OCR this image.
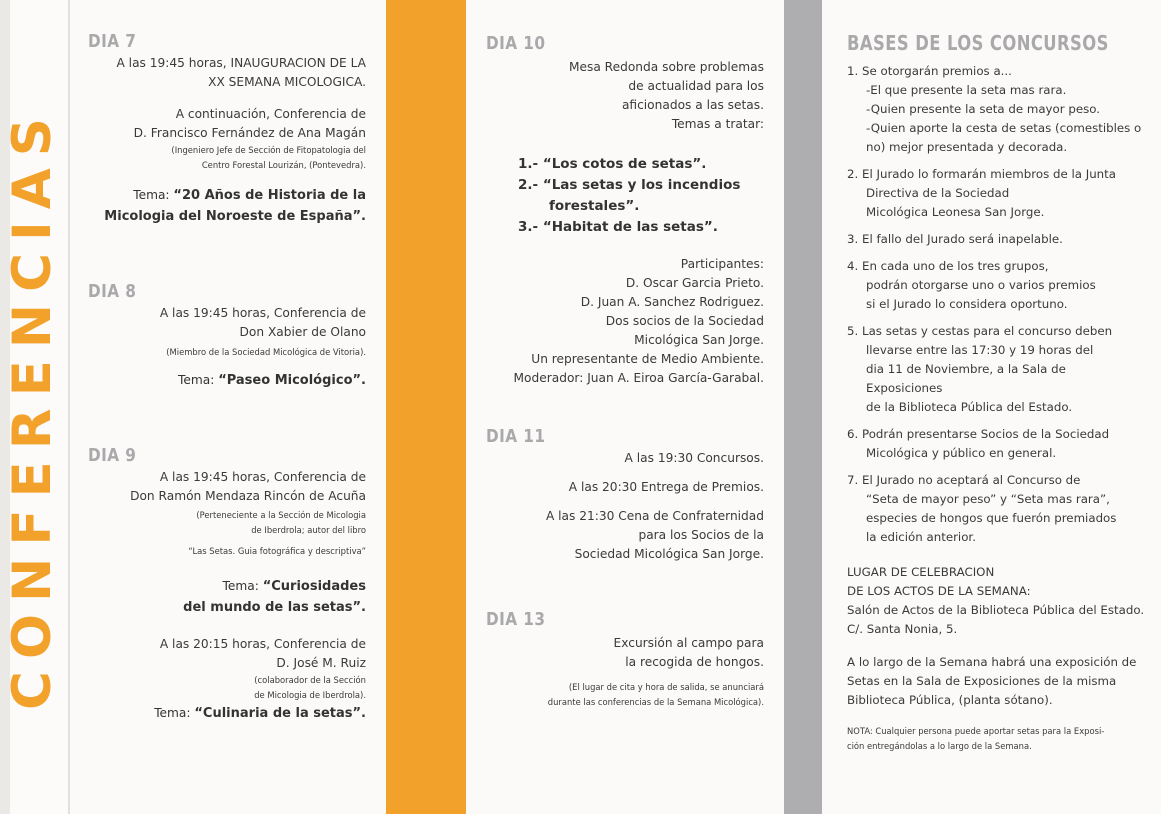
CONFERENCIAS
DIA 7
A las 19:45 horas, INAUGURACION DE LA
XX SEMANA MICOLOGICA.
A continuación, Conferencia de
D. Francisco Fernández de Ana Magán
(Ingeniero Jefe de Sección de Fitopatologia del
Centro Forestal Lourizán, (Pontevedra).
Tema: “20 Años de Historia de la
Micologia del Noroeste de España”.
DIA 8
A las 19:45 horas, Conferencia de
Don Xabier de Olano
(Miembro de la Sociedad Micológica de Vitoria).
Tema: “Paseo Micológico”.
DIA 9
A las 19:45 horas, Conferencia de
Don Ramón Mendaza Rincón de Acuña
(Perteneciente a la Sección de Micologia
de Iberdrola; autor del libro
“Las Setas. Guia fotográfica y descriptiva”
Tema: “Curiosidades
del mundo de las setas”.
A las 20:15 horas, Conferencia de
D. José M. Ruiz
(colaborador de la Sección
de Micologia de Iberdrola).
Tema: “Culinaria de la setas”.
DIA 10
Mesa Redonda sobre problemas
de actualidad para los
aficionados a las setas.
Temas a tratar:
1.- “Los cotos de setas”.
2.- “Las setas y los incendios
forestales”.
3.- “Habitat de las setas”.
Participantes:
D. Oscar Garcia Prieto.
D. Juan A. Sanchez Rodriguez.
Dos socios de la Sociedad
Micológica San Jorge.
Un representante de Medio Ambiente.
Moderador: Juan A. Eiroa García-Garabal.
DIA 11
A las 19:30 Concursos.
A las 20:30 Entrega de Premios.
A las 21:30 Cena de Confraternidad
para los Socios de la
Sociedad Micológica San Jorge.
DIA 13
Excursión al campo para
la recogida de hongos.
(El lugar de cita y hora de salida, se anunciará
durante las conferencias de la Semana Micológica).
BASES DE LOS CONCURSOS
1. Se otorgarán premios a...
-El que presente la seta mas rara.
-Quien presente la seta de mayor peso.
-Quien aporte la cesta de setas (comestibles o
no) mejor presentada y decorada.
2. El Jurado lo formarán miembros de la Junta
Directiva de la Sociedad
Micológica Leonesa San Jorge.
3. El fallo del Jurado será inapelable.
4. En cada uno de los tres grupos,
podrán otorgarse uno o varios premios
si el Jurado lo considera oportuno.
5. Las setas y cestas para el concurso deben
llevarse entre las 17:30 y 19 horas del
dia 11 de Noviembre, a la Sala de Exposiciones
de la Biblioteca Pública del Estado.
6. Podrán presentarse Socios de la Sociedad
Micológica y público en general.
7. El Jurado no aceptará al Concurso de
“Seta de mayor peso” y “Seta mas rara”,
especies de hongos que fuerón premiados
la edición anterior.
LUGAR DE CELEBRACION
DE LOS ACTOS DE LA SEMANA:
Salón de Actos de la Biblioteca Pública del Estado.
C/. Santa Nonia, 5.
A lo largo de la Semana habrá una exposición de
Setas en la Sala de Exposiciones de la misma
Biblioteca Pública, (planta sótano).
NOTA: Cualquier persona puede aportar setas para la Exposi-
ción entregándolas a lo largo de la Semana.
